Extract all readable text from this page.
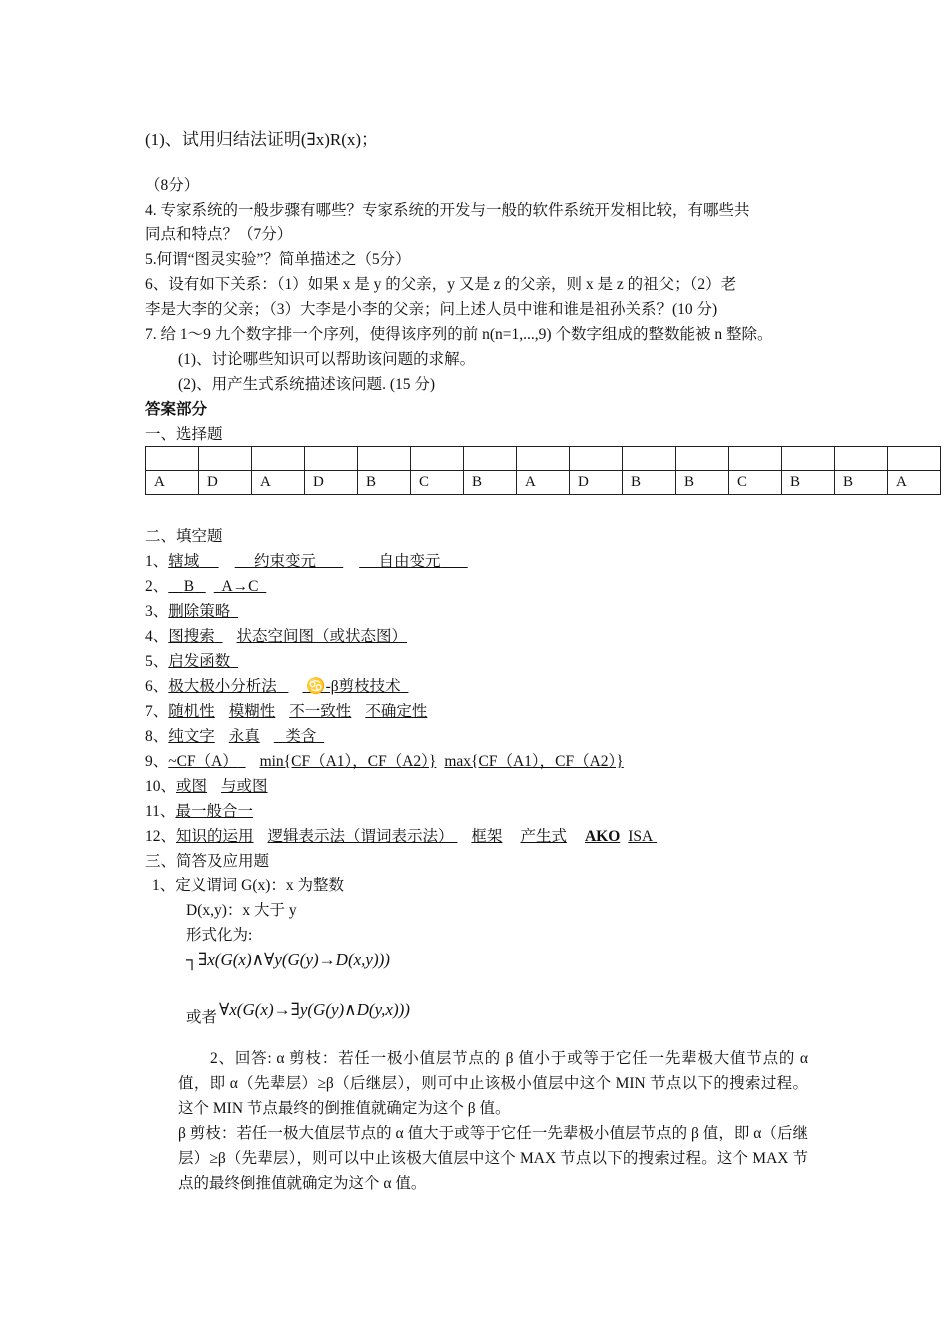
(1)、试用归结法证明(∃x)R(x)；
（8分）
4. 专家系统的一般步骤有哪些？专家系统的开发与一般的软件系统开发相比较，有哪些共
同点和特点？（7分）
5.何谓“图灵实验”？简单描述之（5分）
6、设有如下关系：（1）如果 x 是 y 的父亲，y 又是 z 的父亲，则 x 是 z 的祖父；（2）老
李是大李的父亲；（3）大李是小李的父亲；问上述人员中谁和谁是祖孙关系？(10 分)
7. 给 1～9 九个数字排一个序列，使得该序列的前 n(n=1,...,9) 个数字组成的整数能被 n 整除。
(1)、讨论哪些知识可以帮助该问题的求解。
(2)、用产生式系统描述该问题. (15 分)
答案部分
一、选择题

A	D	A	D	B	C	B	A	D	B	B	C	B	B	A
二、填空题
1、辖域	约束变元	自由变元
2、 B A→C
3、删除策略
4、图搜索 状态空间图（或状态图）
5、启发函数
6、极大极小分析法 ♋-β剪枝技术
7、随机性 模糊性 不一致性 不确定性
8、纯文字 永真 类含
9、~CF（A） min{CF（A1），CF（A2）} max{CF（A1），CF（A2）}
10、或图 与或图
11、最一般合一
12、知识的运用 逻辑表示法（谓词表示法） 框架 产生式 AKO ISA
三、简答及应用题
1、定义谓词 G(x)：x 为整数
D(x,y)：x 大于 y
形式化为:
┐∃x(G(x)∧∀y(G(y)→D(x,y)))
或者 ∀x(G(x)→∃y(G(y)∧D(y,x)))
2、回答: α 剪枝：若任一极小值层节点的 β 值小于或等于它任一先辈极大值节点的 α 值，即 α（先辈层）≥β（后继层），则可中止该极小值层中这个 MIN 节点以下的搜索过程。这个 MIN 节点最终的倒推值就确定为这个 β 值。
β 剪枝：若任一极大值层节点的 α 值大于或等于它任一先辈极小值层节点的 β 值，即 α（后继层）≥β（先辈层），则可以中止该极大值层中这个 MAX 节点以下的搜索过程。这个 MAX 节点的最终倒推值就确定为这个 α 值。
